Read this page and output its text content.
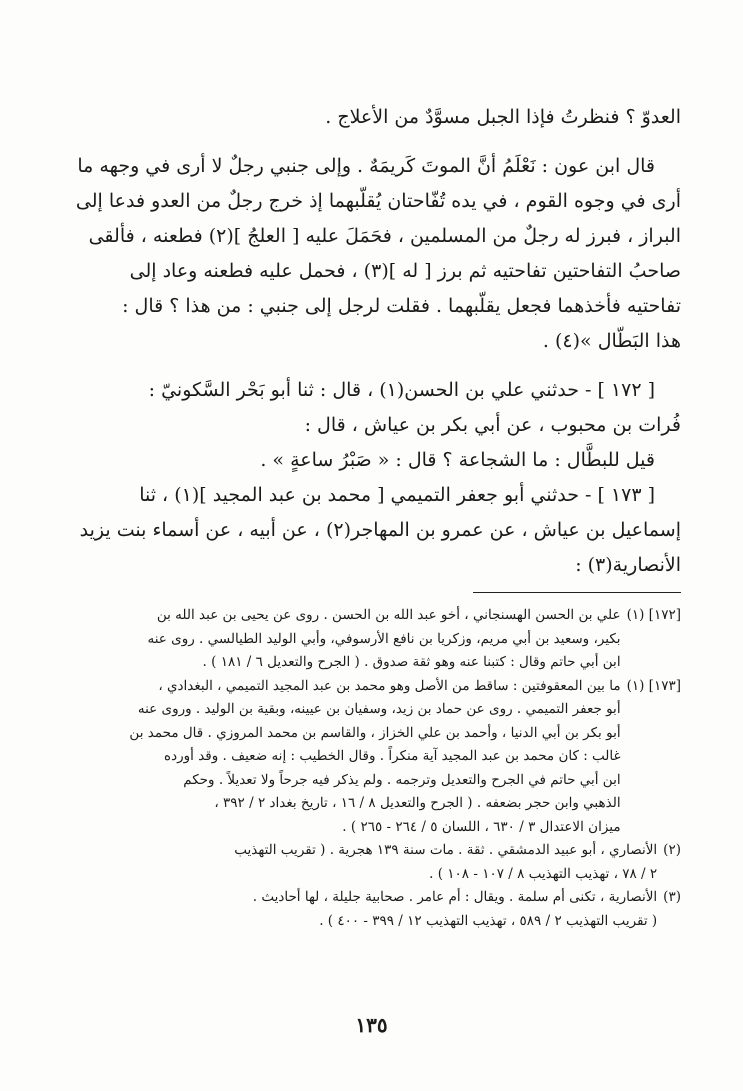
العدوّ ؟ فنظرتُ فإذا الجبل مسوَّدٌ من الأعلاج .

قال ابن عون : نَعْلَمُ أنَّ الموتَ كَريمَهٌ . وإلى جنبي رجلٌ لا أرى في وجهه ما

أرى في وجوه القوم ، في يده تُفّاحتان يُقلّبهما إذ خرج رجلٌ من العدو فدعا إلى

البراز ، فبرز له رجلٌ من المسلمين ، فحَمَلَ عليه [ العلجُ ](٢) فطعنه ، فألقى

صاحبُ التفاحتين تفاحتيه ثم برز [ له ](٣) ، فحمل عليه فطعنه وعاد إلى

تفاحتيه فأخذهما فجعل يقلّبهما . فقلت لرجل إلى جنبي : من هذا ؟ قال :

هذا البَطّال »(٤) .

[ ١٧٢ ] - حدثني علي بن الحسن(١) ، قال : ثنا أبو بَحْر السَّكونيّ :

فُرات بن محبوب ، عن أبي بكر بن عياش ، قال :

قيل للبطَّال : ما الشجاعة ؟ قال : « صَبْرُ ساعةٍ » .

[ ١٧٣ ] - حدثني أبو جعفر التميمي [ محمد بن عبد المجيد ](١) ، ثنا

إسماعيل بن عياش ، عن عمرو بن المهاجر(٢) ، عن أبيه ، عن أسماء بنت يزيد

الأنصارية(٣) :

[١٧٢] (١)
علي بن الحسن الهسنجاني ، أخو عبد الله بن الحسن . روى عن يحيى بن عبد الله بن
بكير، وسعيد بن أبي مريم، وزكريا بن نافع الأرسوفي، وأبي الوليد الطيالسي . روى عنه
ابن أبي حاتم وقال : كتبنا عنه وهو ثقة صدوق . ( الجرح والتعديل ٦ / ١٨١ ) .
[١٧٣] (١)
ما بين المعقوفتين : ساقط من الأصل وهو محمد بن عبد المجيد التميمي ، البغدادي ،
أبو جعفر التميمي . روى عن حماد بن زيد، وسفيان بن عيينه، وبقية بن الوليد . وروى عنه
أبو بكر بن أبي الدنيا ، وأحمد بن علي الخزاز ، والقاسم بن محمد المروزي . قال محمد بن
غالب : كان محمد بن عبد المجيد آية منكراً . وقال الخطيب : إنه ضعيف . وقد أورده
ابن أبي حاتم في الجرح والتعديل وترجمه . ولم يذكر فيه جرحاً ولا تعديلاً . وحكم
الذهبي وابن حجر بضعفه . ( الجرح والتعديل ٨ / ١٦ ، تاريخ بغداد ٢ / ٣٩٢ ،
ميزان الاعتدال ٣ / ٦٣٠ ، اللسان ٥ / ٢٦٤ - ٢٦٥ ) .
(٢)
الأنصاري ، أبو عبيد الدمشقي . ثقة . مات سنة ١٣٩ هجرية . ( تقريب التهذيب
٢ / ٧٨ ، تهذيب التهذيب ٨ / ١٠٧ - ١٠٨ ) .
(٣)
الأنصارية ، تكنى أم سلمة . ويقال : أم عامر . صحابية جليلة ، لها أحاديث .
( تقريب التهذيب ٢ / ٥٨٩ ، تهذيب التهذيب ١٢ / ٣٩٩ - ٤٠٠ ) .
١٣٥
